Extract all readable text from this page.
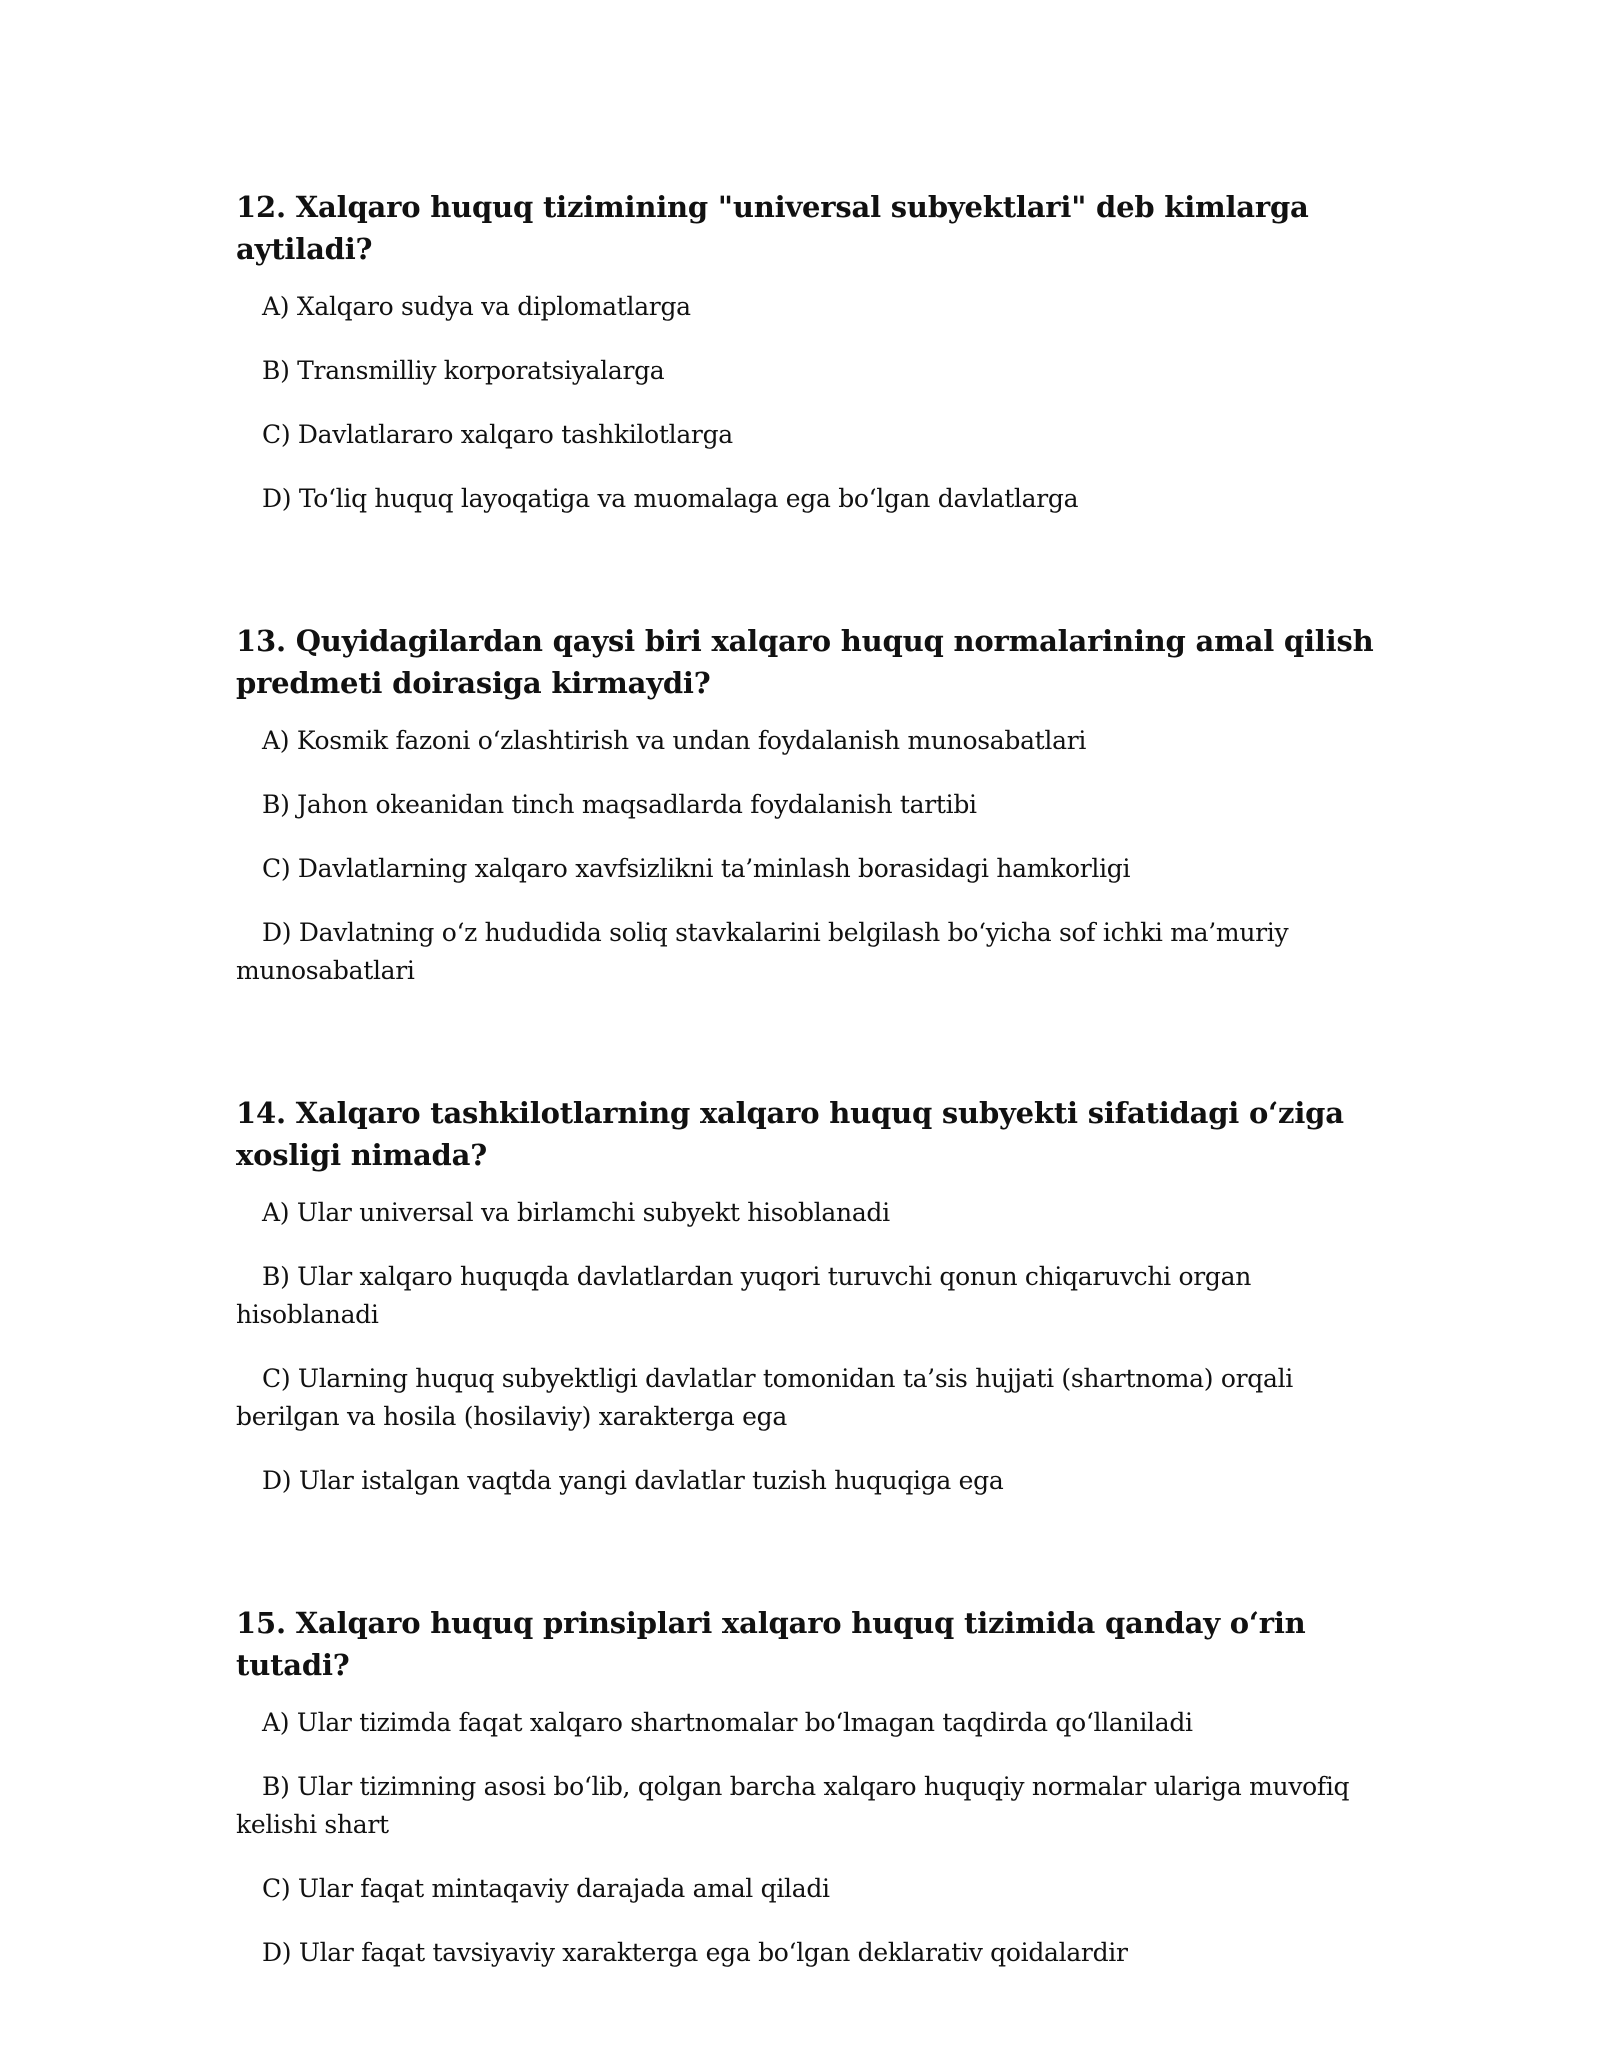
12. Xalqaro huquq tizimining "universal subyektlari" deb kimlarga aytiladi?
A) Xalqaro sudya va diplomatlarga
B) Transmilliy korporatsiyalarga
C) Davlatlararo xalqaro tashkilotlarga
D) To‘liq huquq layoqatiga va muomalaga ega bo‘lgan davlatlarga
13. Quyidagilardan qaysi biri xalqaro huquq normalarining amal qilish predmeti doirasiga kirmaydi?
A) Kosmik fazoni o‘zlashtirish va undan foydalanish munosabatlari
B) Jahon okeanidan tinch maqsadlarda foydalanish tartibi
C) Davlatlarning xalqaro xavfsizlikni ta’minlash borasidagi hamkorligi
D) Davlatning o‘z hududida soliq stavkalarini belgilash bo‘yicha sof ichki ma’muriy munosabatlari
14. Xalqaro tashkilotlarning xalqaro huquq subyekti sifatidagi o‘ziga xosligi nimada?
A) Ular universal va birlamchi subyekt hisoblanadi
B) Ular xalqaro huquqda davlatlardan yuqori turuvchi qonun chiqaruvchi organ hisoblanadi
C) Ularning huquq subyektligi davlatlar tomonidan ta’sis hujjati (shartnoma) orqali berilgan va hosila (hosilaviy) xarakterga ega
D) Ular istalgan vaqtda yangi davlatlar tuzish huquqiga ega
15. Xalqaro huquq prinsiplari xalqaro huquq tizimida qanday o‘rin tutadi?
A) Ular tizimda faqat xalqaro shartnomalar bo‘lmagan taqdirda qo‘llaniladi
B) Ular tizimning asosi bo‘lib, qolgan barcha xalqaro huquqiy normalar ulariga muvofiq kelishi shart
C) Ular faqat mintaqaviy darajada amal qiladi
D) Ular faqat tavsiyaviy xarakterga ega bo‘lgan deklarativ qoidalardir
